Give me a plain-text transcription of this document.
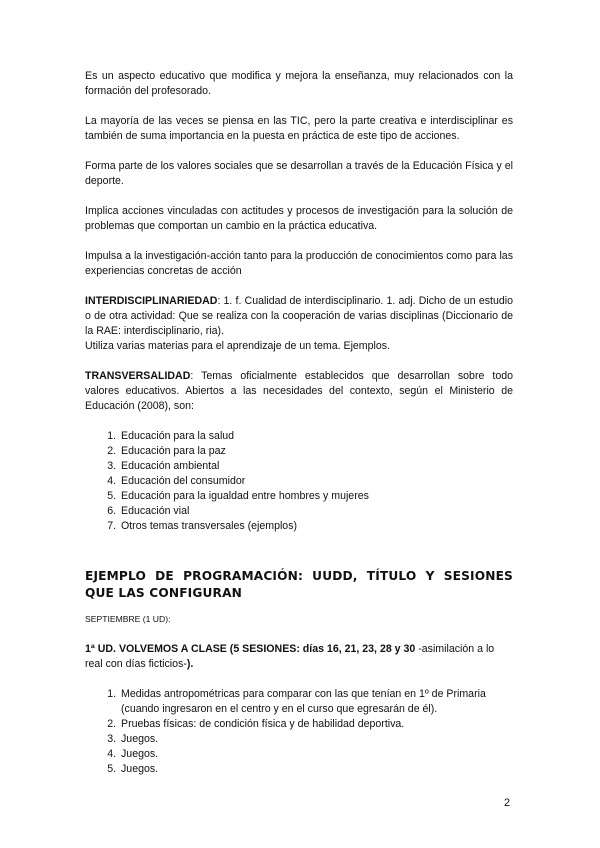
Es un aspecto educativo que modifica y mejora la enseñanza, muy relacionados con la formación del profesorado.

La mayoría de las veces se piensa en las TIC, pero la parte creativa e interdisciplinar es también de suma importancia en la puesta en práctica de este tipo de acciones.

Forma parte de los valores sociales que se desarrollan a través de la Educación Física y el deporte.

Implica acciones vinculadas con actitudes y procesos de investigación para la solución de problemas que comportan un cambio en la práctica educativa.

Impulsa a la investigación-acción tanto para la producción de conocimientos como para las experiencias concretas de acción

INTERDISCIPLINARIEDAD: 1. f. Cualidad de interdisciplinario. 1. adj. Dicho de un estudio o de otra actividad: Que se realiza con la cooperación de varias disciplinas (Diccionario de la RAE: interdisciplinario, ria).

Utiliza varias materias para el aprendizaje de un tema. Ejemplos.

TRANSVERSALIDAD: Temas oficialmente establecidos que desarrollan sobre todo valores educativos. Abiertos a las necesidades del contexto, según el Ministerio de Educación (2008), son:

1. Educación para la salud
2. Educación para la paz
3. Educación ambiental
4. Educación del consumidor
5. Educación para la igualdad entre hombres y mujeres
6. Educación vial
7. Otros temas transversales (ejemplos)
EJEMPLO DE PROGRAMACIÓN: UUDD, TÍTULO Y SESIONES QUE LAS CONFIGURAN
SEPTIEMBRE (1 UD):

1ª UD. VOLVEMOS A CLASE (5 SESIONES: días 16, 21, 23, 28 y 30 -asimilación a lo real con días ficticios-).

1. Medidas antropométricas para comparar con las que tenían en 1º de Primaria (cuando ingresaron en el centro y en el curso que egresarán de él).
2. Pruebas físicas: de condición física y de habilidad deportiva.
3. Juegos.
4. Juegos.
5. Juegos.
2
